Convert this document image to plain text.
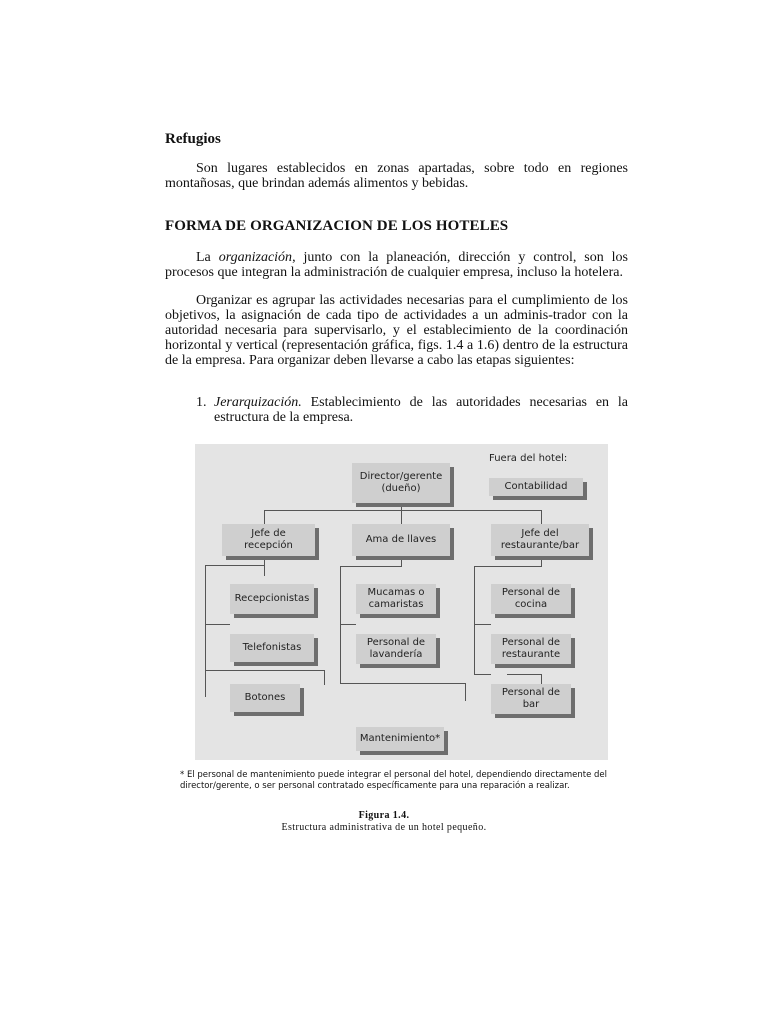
Refugios

Son lugares establecidos en zonas apartadas, sobre todo en regiones montañosas, que brindan además alimentos y bebidas.

FORMA DE ORGANIZACION DE LOS HOTELES

La organización, junto con la planeación, dirección y control, son los procesos que integran la administración de cualquier empresa, incluso la hotelera.

Organizar es agrupar las actividades necesarias para el cumplimiento de los objetivos, la asignación de cada tipo de actividades a un adminis-trador con la autoridad necesaria para supervisarlo, y el establecimiento de la coordinación horizontal y vertical (representación gráfica, figs. 1.4 a 1.6) dentro de la estructura de la empresa. Para organizar deben llevarse a cabo las etapas siguientes:

1. Jerarquización. Establecimiento de las autoridades necesarias en la estructura de la empresa.
Fuera del hotel:
Contabilidad
Director/gerente
(dueño)
Jefe de
recepción
Ama de llaves
Jefe del
restaurante/bar
Recepcionistas
Telefonistas
Botones
Mucamas o
camaristas
Personal de
lavandería
Personal de
cocina
Personal de
restaurante
Personal de
bar
Mantenimiento*
* El personal de mantenimiento puede integrar el personal del hotel, dependiendo directamente del director/gerente, o ser personal contratado específicamente para una reparación a realizar.
Figura 1.4.
Estructura administrativa de un hotel pequeño.
